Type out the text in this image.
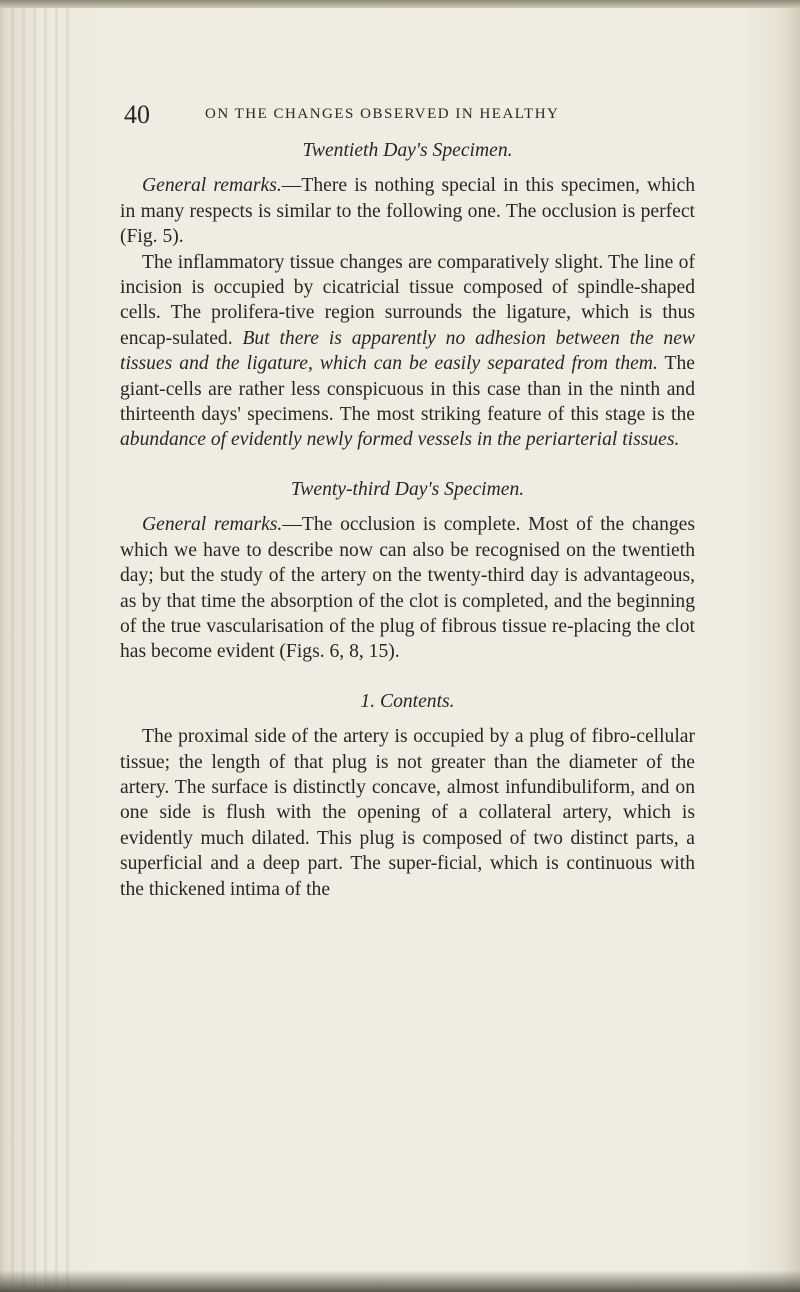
40	ON THE CHANGES OBSERVED IN HEALTHY
Twentieth Day's Specimen.

General remarks.—There is nothing special in this specimen, which in many respects is similar to the following one. The occlusion is perfect (Fig. 5).

The inflammatory tissue changes are comparatively slight. The line of incision is occupied by cicatricial tissue composed of spindle-shaped cells. The prolifera-tive region surrounds the ligature, which is thus encap-sulated. But there is apparently no adhesion between the new tissues and the ligature, which can be easily separated from them. The giant-cells are rather less conspicuous in this case than in the ninth and thirteenth days' specimens. The most striking feature of this stage is the abundance of evidently newly formed vessels in the periarterial tissues.

Twenty-third Day's Specimen.

General remarks.—The occlusion is complete. Most of the changes which we have to describe now can also be recognised on the twentieth day; but the study of the artery on the twenty-third day is advantageous, as by that time the absorption of the clot is completed, and the beginning of the true vascularisation of the plug of fibrous tissue re-placing the clot has become evident (Figs. 6, 8, 15).

1. Contents.

The proximal side of the artery is occupied by a plug of fibro-cellular tissue; the length of that plug is not greater than the diameter of the artery. The surface is distinctly concave, almost infundibuliform, and on one side is flush with the opening of a collateral artery, which is evidently much dilated. This plug is composed of two distinct parts, a superficial and a deep part. The super-ficial, which is continuous with the thickened intima of the
